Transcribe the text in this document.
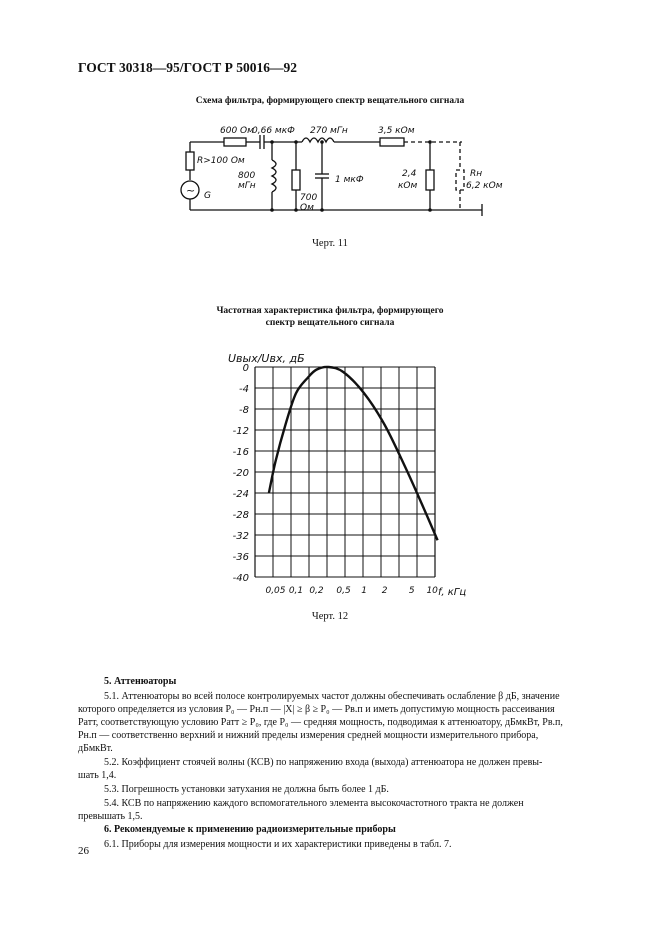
ГОСТ 30318—95/ГОСТ Р 50016—92
Схема фильтра, формирующего спектр вещательного сигнала
600 Ом
0,66 мкФ 270 мГн	3,5 кОм
R>100 Ом
800
мГн
700
Ом
1 мкФ
2,4
кОм
Rн
6,2 кОм
~ G
Черт. 11
Частотная характеристика фильтра, формирующего
спектр вещательного сигнала
Uвых/Uвх, дБ
0
-4
-8
-12
-16
-20
-24
-28
-32
-36
-40
0,05 0,1 0,2 0,5 1 2 5 10 f, кГц
Черт. 12
5. Аттенюаторы
5.1. Аттенюаторы во всей полосе контролируемых частот должны обеспечивать ослабление β дБ, значение
которого определяется из условия P₀ — Pн.п — |X| ≥ β ≥ P₀ — Pв.п и иметь допустимую мощность рассеивания
Pатт, соответствующую условию Pатт ≥ P₀, где P₀ — средняя мощность, подводимая к аттенюатору, дБмкВт, Pв.п,
Pн.п — соответственно верхний и нижний пределы измерения средней мощности измерительного прибора,
дБмкВт.
5.2. Коэффициент стоячей волны (КСВ) по напряжению входа (выхода) аттенюатора не должен превы-
шать 1,4.
5.3. Погрешность установки затухания не должна быть более 1 дБ.
5.4. КСВ по напряжению каждого вспомогательного элемента высокочастотного тракта не должен
превышать 1,5.
6. Рекомендуемые к применению радиоизмерительные приборы
6.1. Приборы для измерения мощности и их характеристики приведены в табл. 7.
26
